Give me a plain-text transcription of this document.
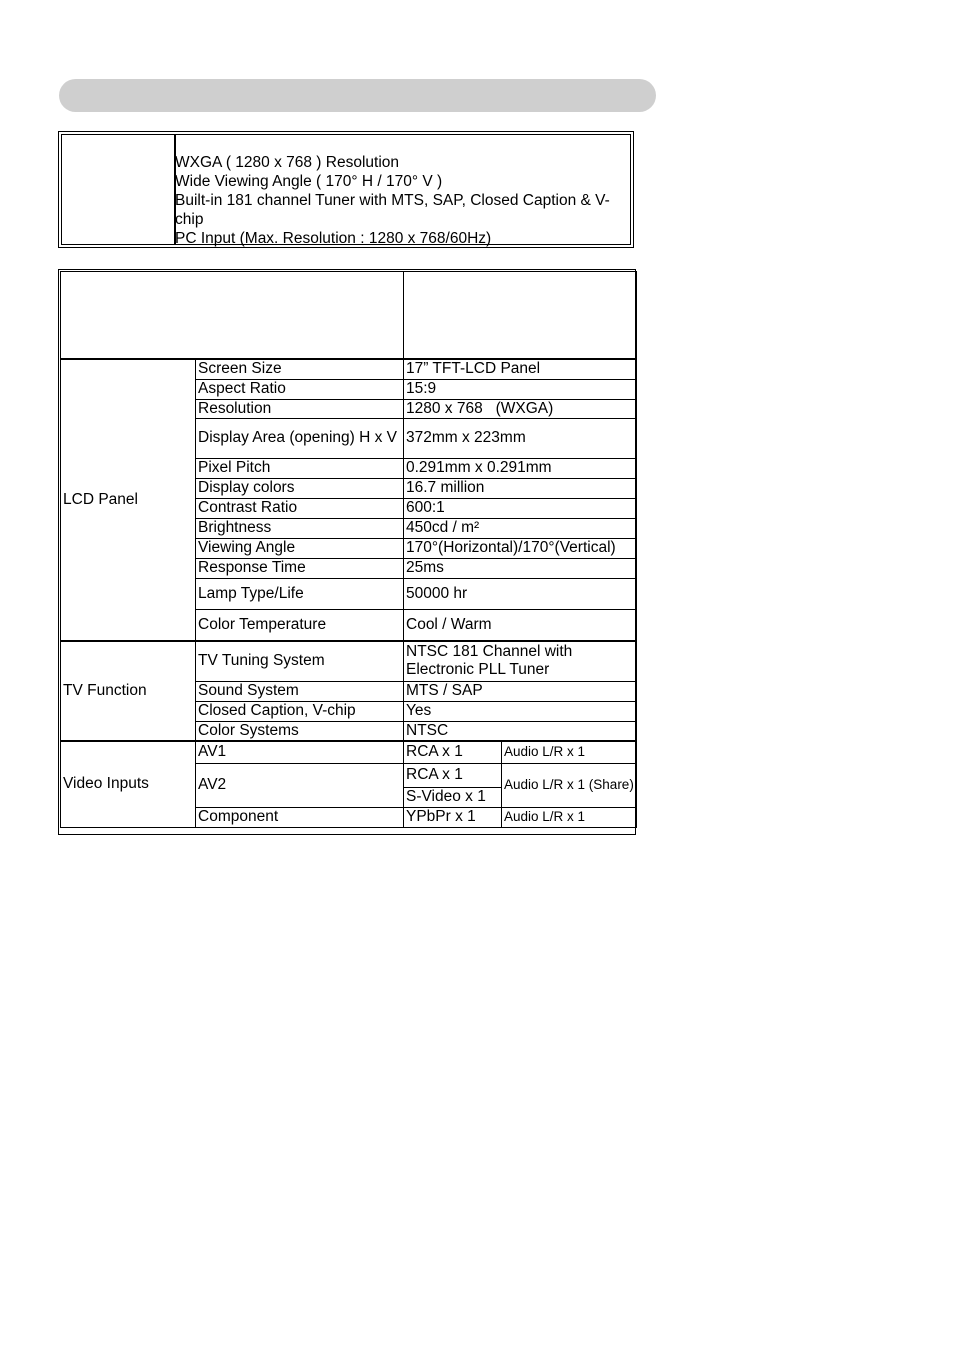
WXGA ( 1280 x 768 ) Resolution
Wide Viewing Angle ( 170° H / 170° V )
Built-in 181 channel Tuner with MTS, SAP, Closed Caption & V-chip
PC Input (Max. Resolution : 1280 x 768/60Hz)

LCD Panel	Screen Size	17” TFT-LCD Panel	
	Aspect Ratio	15:9	
	Resolution	1280 x 768   (WXGA)	
	Display Area (opening) H x V	372mm x 223mm	
	Pixel Pitch	0.291mm x 0.291mm	
	Display colors	16.7 million	
	Contrast Ratio	600:1	
	Brightness	450cd / m²	
	Viewing Angle	170°(Horizontal)/170°(Vertical)	
	Response Time	25ms	
	Lamp Type/Life	50000 hr	
	Color Temperature	Cool / Warm	
TV Function	TV Tuning System	NTSC 181 Channel with Electronic PLL Tuner	
	Sound System	MTS / SAP	
	Closed Caption, V-chip	Yes	
	Color Systems	NTSC	
Video Inputs	AV1	RCA x 1	Audio L/R x 1
	AV2	RCA x 1	Audio L/R x 1 (Share)
		S-Video x 1	
	Component	YPbPr x 1	Audio L/R x 1
